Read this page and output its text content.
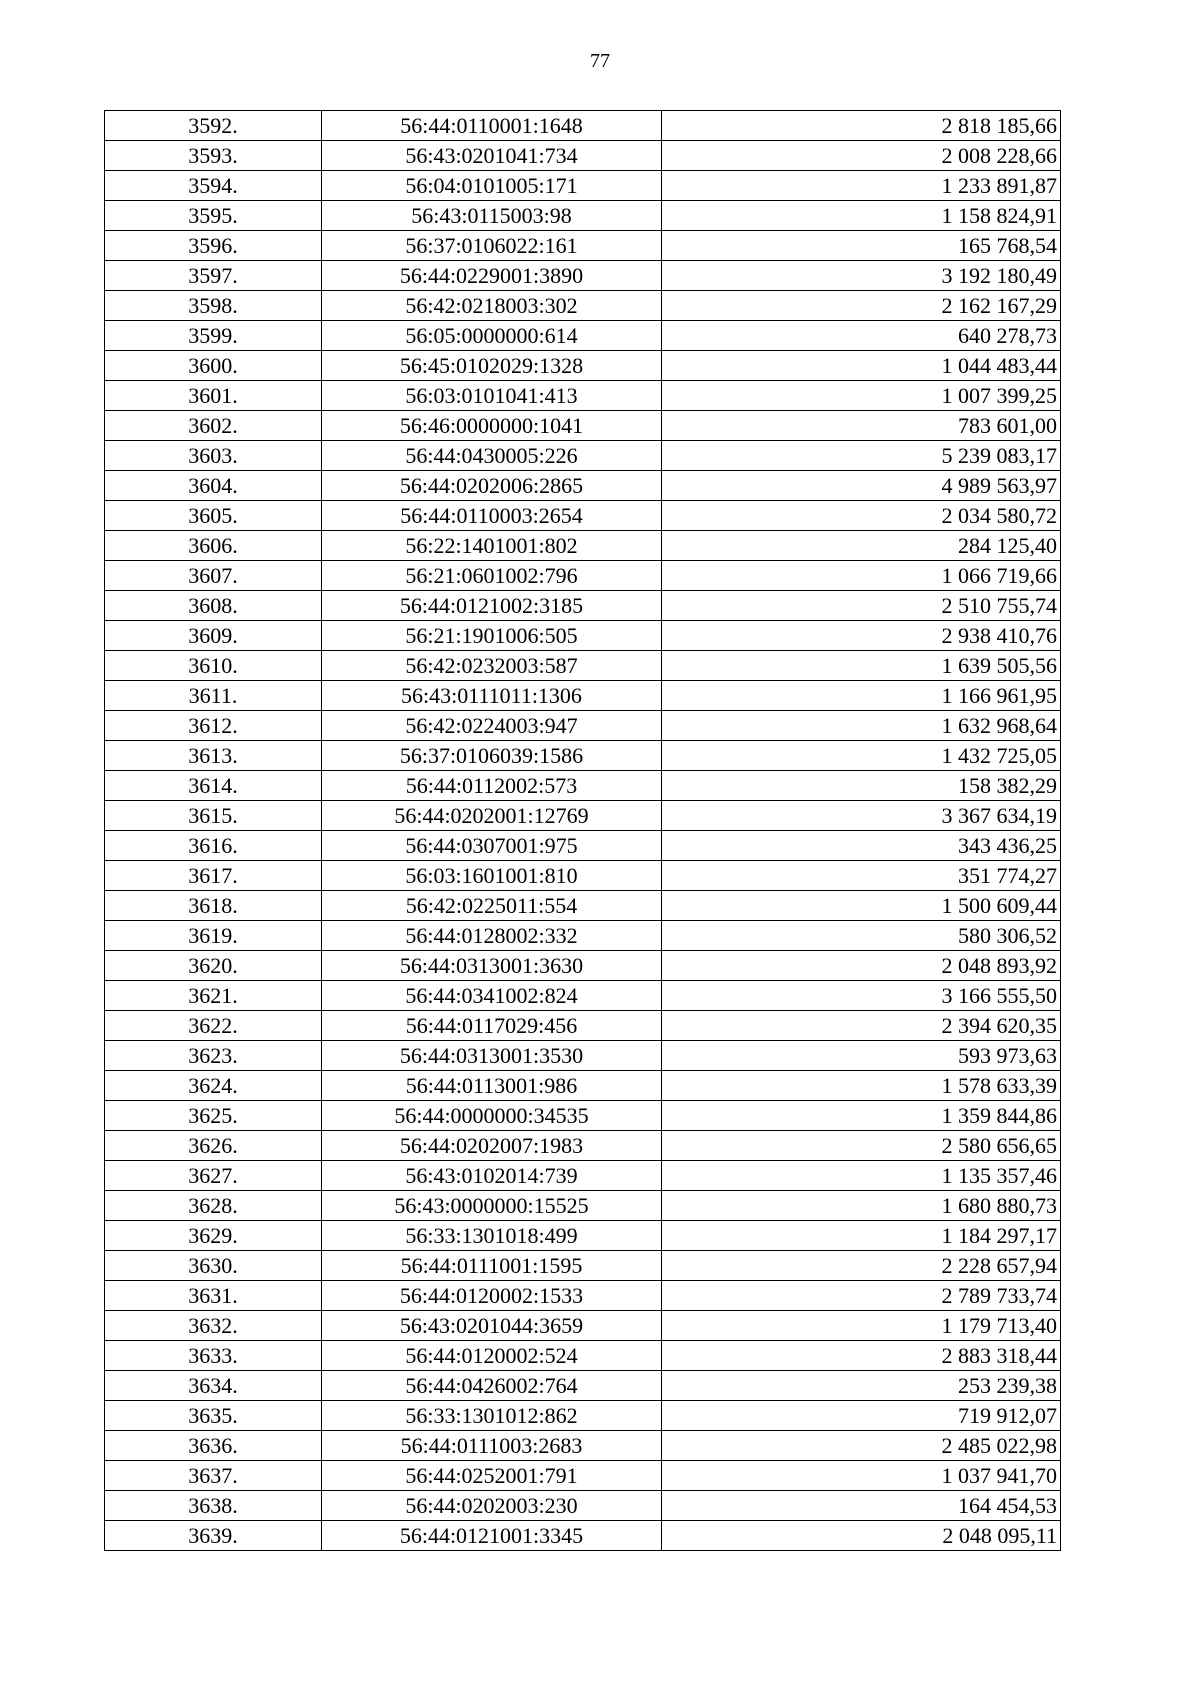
77
3592.	56:44:0110001:1648	2 818 185,66
3593.	56:43:0201041:734	2 008 228,66
3594.	56:04:0101005:171	1 233 891,87
3595.	56:43:0115003:98	1 158 824,91
3596.	56:37:0106022:161	165 768,54
3597.	56:44:0229001:3890	3 192 180,49
3598.	56:42:0218003:302	2 162 167,29
3599.	56:05:0000000:614	640 278,73
3600.	56:45:0102029:1328	1 044 483,44
3601.	56:03:0101041:413	1 007 399,25
3602.	56:46:0000000:1041	783 601,00
3603.	56:44:0430005:226	5 239 083,17
3604.	56:44:0202006:2865	4 989 563,97
3605.	56:44:0110003:2654	2 034 580,72
3606.	56:22:1401001:802	284 125,40
3607.	56:21:0601002:796	1 066 719,66
3608.	56:44:0121002:3185	2 510 755,74
3609.	56:21:1901006:505	2 938 410,76
3610.	56:42:0232003:587	1 639 505,56
3611.	56:43:0111011:1306	1 166 961,95
3612.	56:42:0224003:947	1 632 968,64
3613.	56:37:0106039:1586	1 432 725,05
3614.	56:44:0112002:573	158 382,29
3615.	56:44:0202001:12769	3 367 634,19
3616.	56:44:0307001:975	343 436,25
3617.	56:03:1601001:810	351 774,27
3618.	56:42:0225011:554	1 500 609,44
3619.	56:44:0128002:332	580 306,52
3620.	56:44:0313001:3630	2 048 893,92
3621.	56:44:0341002:824	3 166 555,50
3622.	56:44:0117029:456	2 394 620,35
3623.	56:44:0313001:3530	593 973,63
3624.	56:44:0113001:986	1 578 633,39
3625.	56:44:0000000:34535	1 359 844,86
3626.	56:44:0202007:1983	2 580 656,65
3627.	56:43:0102014:739	1 135 357,46
3628.	56:43:0000000:15525	1 680 880,73
3629.	56:33:1301018:499	1 184 297,17
3630.	56:44:0111001:1595	2 228 657,94
3631.	56:44:0120002:1533	2 789 733,74
3632.	56:43:0201044:3659	1 179 713,40
3633.	56:44:0120002:524	2 883 318,44
3634.	56:44:0426002:764	253 239,38
3635.	56:33:1301012:862	719 912,07
3636.	56:44:0111003:2683	2 485 022,98
3637.	56:44:0252001:791	1 037 941,70
3638.	56:44:0202003:230	164 454,53
3639.	56:44:0121001:3345	2 048 095,11
